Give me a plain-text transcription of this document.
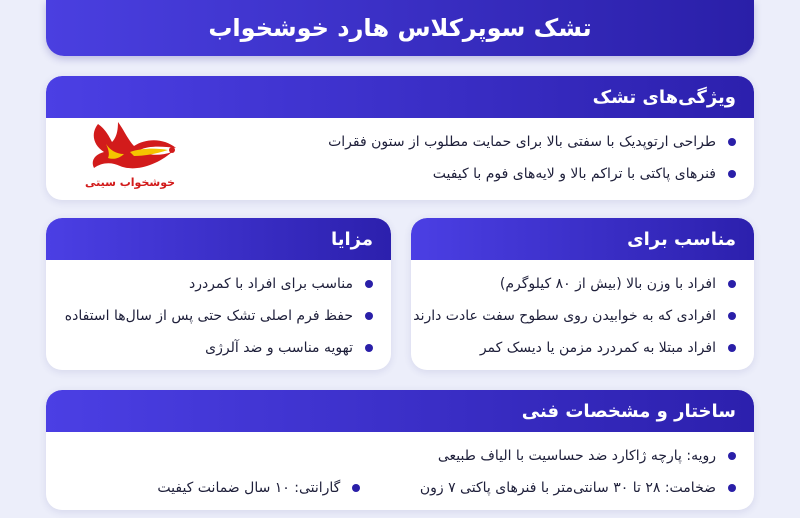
تشک سوپرکلاس هارد خوشخواب
ویژگی‌های تشک
طراحی ارتوپدیک با سفتی بالا برای حمایت مطلوب از ستون فقرات
فنرهای پاکتی با تراکم بالا و لایه‌های فوم با کیفیت
خوشخواب سیتی
مناسب برای
افراد با وزن بالا (بیش از ۸۰ کیلوگرم)
افرادی که به خوابیدن روی سطوح سفت عادت دارند
افراد مبتلا به کمردرد مزمن یا دیسک کمر
مزایا
مناسب برای افراد با کمردرد
حفظ فرم اصلی تشک حتی پس از سال‌ها استفاده
تهویه مناسب و ضد آلرژی
ساختار و مشخصات فنی
رویه: پارچه ژاکارد ضد حساسیت با الیاف طبیعی
ضخامت: ۲۸ تا ۳۰ سانتی‌متر با فنرهای پاکتی ۷ زون
گارانتی: ۱۰ سال ضمانت کیفیت
